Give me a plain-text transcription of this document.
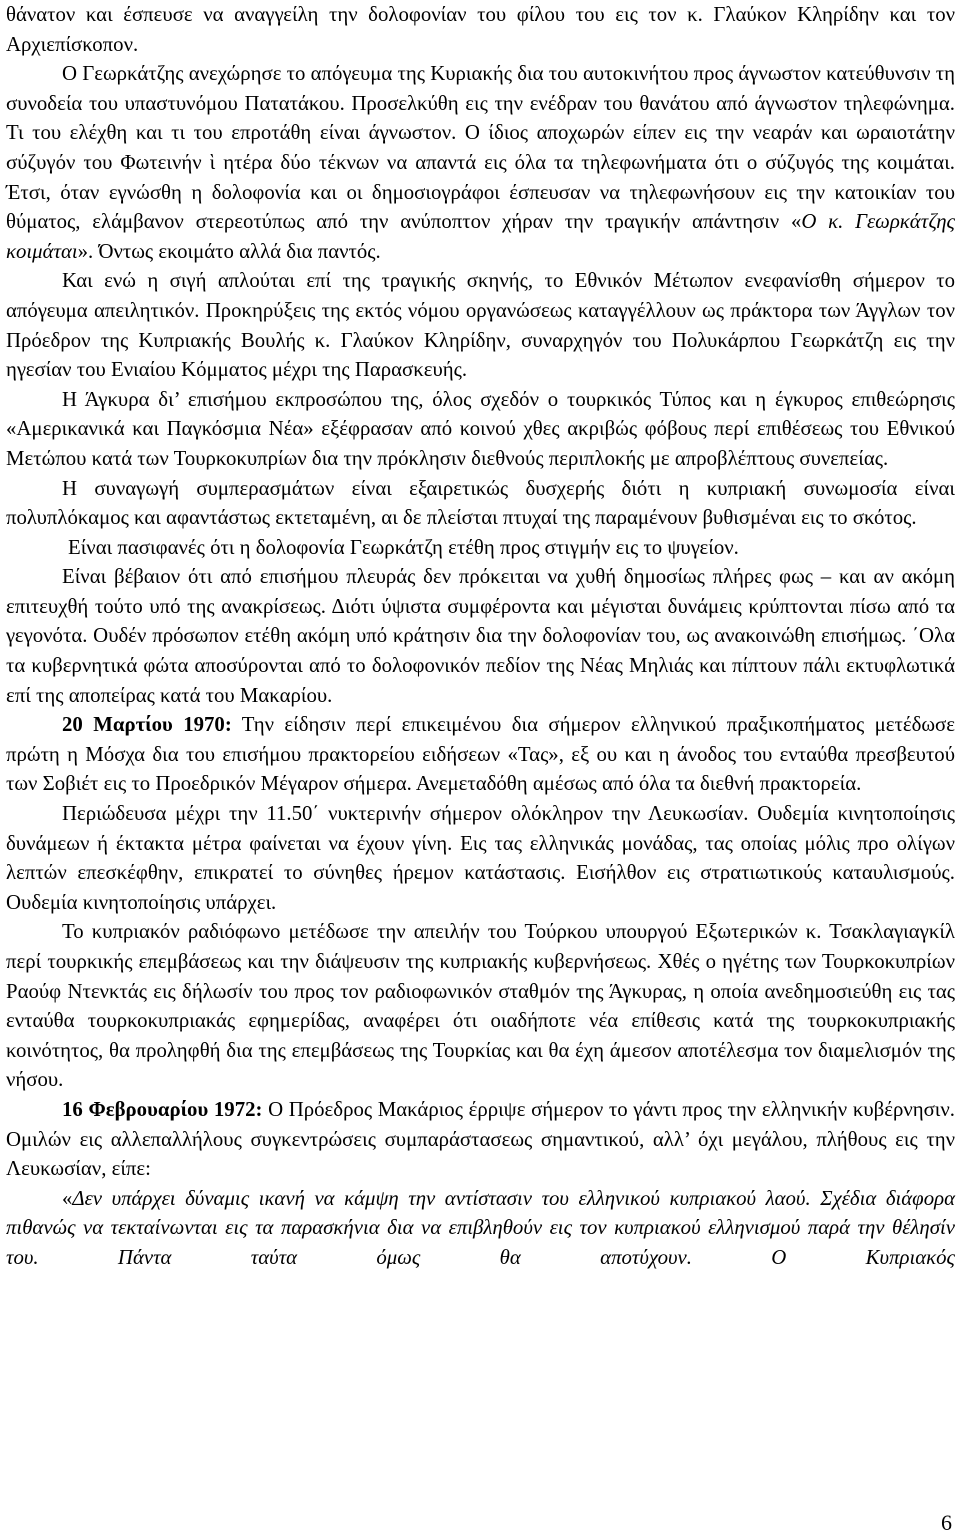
θάνατον και έσπευσε να αναγγείλη την δολοφονίαν του φίλου του εις τον κ. Γλαύκον Κληρίδην και τον Αρχιεπίσκοπον.

Ο Γεωρκάτζης ανεχώρησε το απόγευμα της Κυριακής δια του αυτοκινήτου προς άγνωστον κατεύθυνσιν τη συνοδεία του υπαστυνόμου Πατατάκου. Προσελκύθη εις την ενέδραν του θανάτου από άγνωστον τηλεφώνημα. Τι του ελέχθη και τι του επροτάθη είναι άγνωστον. Ο ίδιος αποχωρών είπεν εις την νεαράν και ωραιοτάτην σύζυγόν του Φωτεινήν ὶ ητέρα δύο τέκνων να απαντά εις όλα τα τηλεφωνήματα ότι ο σύζυγός της κοιμάται. Έτσι, όταν εγνώσθη η δολοφονία και οι δημοσιογράφοι έσπευσαν να τηλεφωνήσουν εις την κατοικίαν του θύματος, ελάμβανον στερεοτύπως από την ανύποπτον χήραν την τραγικήν απάντησιν «Ο κ. Γεωρκάτζης κοιμάται». Όντως εκοιμάτο αλλά δια παντός.

Και ενώ η σιγή απλούται επί της τραγικής σκηνής, το Εθνικόν Μέτωπον ενεφανίσθη σήμερον το απόγευμα απειλητικόν. Προκηρύξεις της εκτός νόμου οργανώσεως καταγγέλλουν ως πράκτορα των Άγγλων τον Πρόεδρον της Κυπριακής Βουλής κ. Γλαύκον Κληρίδην, συναρχηγόν του Πολυκάρπου Γεωρκάτζη εις την ηγεσίαν του Ενιαίου Κόμματος μέχρι της Παρασκευής.

Η Άγκυρα δι’ επισήμου εκπροσώπου της, όλος σχεδόν ο τουρκικός Τύπος και η έγκυρος επιθεώρησις «Αμερικανικά και Παγκόσμια Νέα» εξέφρασαν από κοινού χθες ακριβώς φόβους περί επιθέσεως του Εθνικού Μετώπου κατά των Τουρκοκυπρίων δια την πρόκλησιν διεθνούς περιπλοκής με απροβλέπτους συνεπείας.

Η συναγωγή συμπερασμάτων είναι εξαιρετικώς δυσχερής διότι η κυπριακή συνωμοσία είναι πολυπλόκαμος και αφαντάστως εκτεταμένη, αι δε πλείσται πτυχαί της παραμένουν βυθισμέναι εις το σκότος.

Είναι πασιφανές ότι η δολοφονία Γεωρκάτζη ετέθη προς στιγμήν εις το ψυγείον.

Είναι βέβαιον ότι από επισήμου πλευράς δεν πρόκειται να χυθή δημοσίως πλήρες φως – και αν ακόμη επιτευχθή τούτο υπό της ανακρίσεως. Διότι ύψιστα συμφέροντα και μέγισται δυνάμεις κρύπτονται πίσω από τα γεγονότα. Ουδέν πρόσωπον ετέθη ακόμη υπό κράτησιν δια την δολοφονίαν του, ως ανακοινώθη επισήμως. ΄Ολα τα κυβερνητικά φώτα αποσύρονται από το δολοφονικόν πεδίον της Νέας Μηλιάς και πίπτουν πάλι εκτυφλωτικά επί της αποπείρας κατά του Μακαρίου.

20 Μαρτίου 1970: Την είδησιν περί επικειμένου δια σήμερον ελληνικού πραξικοπήματος μετέδωσε πρώτη η Μόσχα δια του επισήμου πρακτορείου ειδήσεων «Τας», εξ ου και η άνοδος του ενταύθα πρεσβευτού των Σοβιέτ εις το Προεδρικόν Μέγαρον σήμερα. Ανεμεταδόθη αμέσως από όλα τα διεθνή πρακτορεία.

Περιώδευσα μέχρι την 11.50΄ νυκτερινήν σήμερον ολόκληρον την Λευκωσίαν. Ουδεμία κινητοποίησις δυνάμεων ή έκτακτα μέτρα φαίνεται να έχουν γίνη. Εις τας ελληνικάς μονάδας, τας οποίας μόλις προ ολίγων λεπτών επεσκέφθην, επικρατεί το σύνηθες ήρεμον κατάστασις. Εισήλθον εις στρατιωτικούς καταυλισμούς. Ουδεμία κινητοποίησις υπάρχει.

Το κυπριακόν ραδιόφωνο μετέδωσε την απειλήν του Τούρκου υπουργού Εξωτερικών κ. Τσακλαγιαγκίλ περί τουρκικής επεμβάσεως και την διάψευσιν της κυπριακής κυβερνήσεως. Χθές ο ηγέτης των Τουρκοκυπρίων Ραούφ Ντενκτάς εις δήλωσίν του προς τον ραδιοφωνικόν σταθμόν της Άγκυρας, η οποία ανεδημοσιεύθη εις τας ενταύθα τουρκοκυπριακάς εφημερίδας, αναφέρει ότι οιαδήποτε νέα επίθεσις κατά της τουρκοκυπριακής κοινότητος, θα προληφθή δια της επεμβάσεως της Τουρκίας και θα έχη άμεσον αποτέλεσμα τον διαμελισμόν της νήσου.

16 Φεβρουαρίου 1972: Ο Πρόεδρος Μακάριος έρριψε σήμερον το γάντι προς την ελληνικήν κυβέρνησιν. Ομιλών εις αλλεπαλλήλους συγκεντρώσεις συμπαράστασεως σημαντικού, αλλ’ όχι μεγάλου, πλήθους εις την Λευκωσίαν, είπε:

«Δεν υπάρχει δύναμις ικανή να κάμψη την αντίστασιν του ελληνικού κυπριακού λαού. Σχέδια διάφορα πιθανώς να τεκταίνωνται εις τα παρασκήνια δια να επιβληθούν εις τον κυπριακού ελληνισμού παρά την θέλησίν του. Πάντα ταύτα όμως θα αποτύχουν. Ο Κυπριακός

6
